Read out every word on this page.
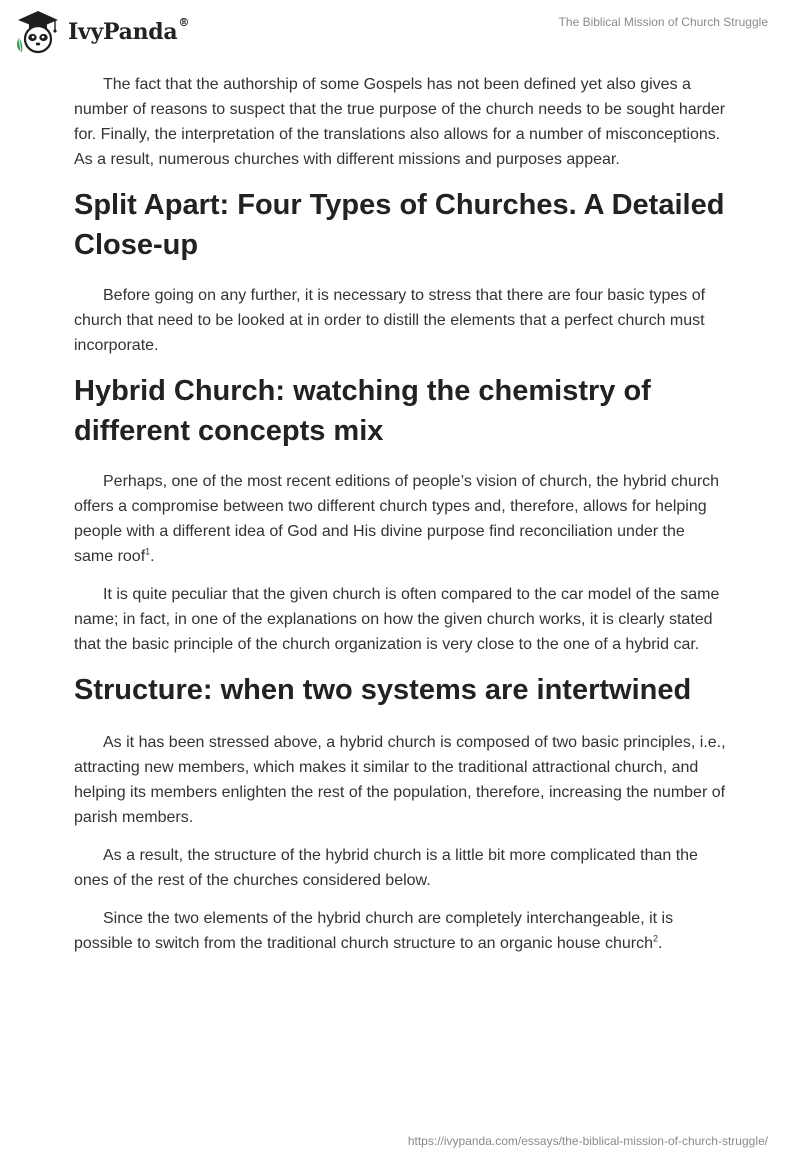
IvyPanda®	The Biblical Mission of Church Struggle

The fact that the authorship of some Gospels has not been defined yet also gives a number of reasons to suspect that the true purpose of the church needs to be sought harder for. Finally, the interpretation of the translations also allows for a number of misconceptions. As a result, numerous churches with different missions and purposes appear.

Split Apart: Four Types of Churches. A Detailed Close-up

Before going on any further, it is necessary to stress that there are four basic types of church that need to be looked at in order to distill the elements that a perfect church must incorporate.

Hybrid Church: watching the chemistry of different concepts mix

Perhaps, one of the most recent editions of people’s vision of church, the hybrid church offers a compromise between two different church types and, therefore, allows for helping people with a different idea of God and His divine purpose find reconciliation under the same roof$^1$.

It is quite peculiar that the given church is often compared to the car model of the same name; in fact, in one of the explanations on how the given church works, it is clearly stated that the basic principle of the church organization is very close to the one of a hybrid car.

Structure: when two systems are intertwined

As it has been stressed above, a hybrid church is composed of two basic principles, i.e., attracting new members, which makes it similar to the traditional attractional church, and helping its members enlighten the rest of the population, therefore, increasing the number of parish members.

As a result, the structure of the hybrid church is a little bit more complicated than the ones of the rest of the churches considered below.

Since the two elements of the hybrid church are completely interchangeable, it is possible to switch from the traditional church structure to an organic house church$^2$.

https://ivypanda.com/essays/the-biblical-mission-of-church-struggle/
